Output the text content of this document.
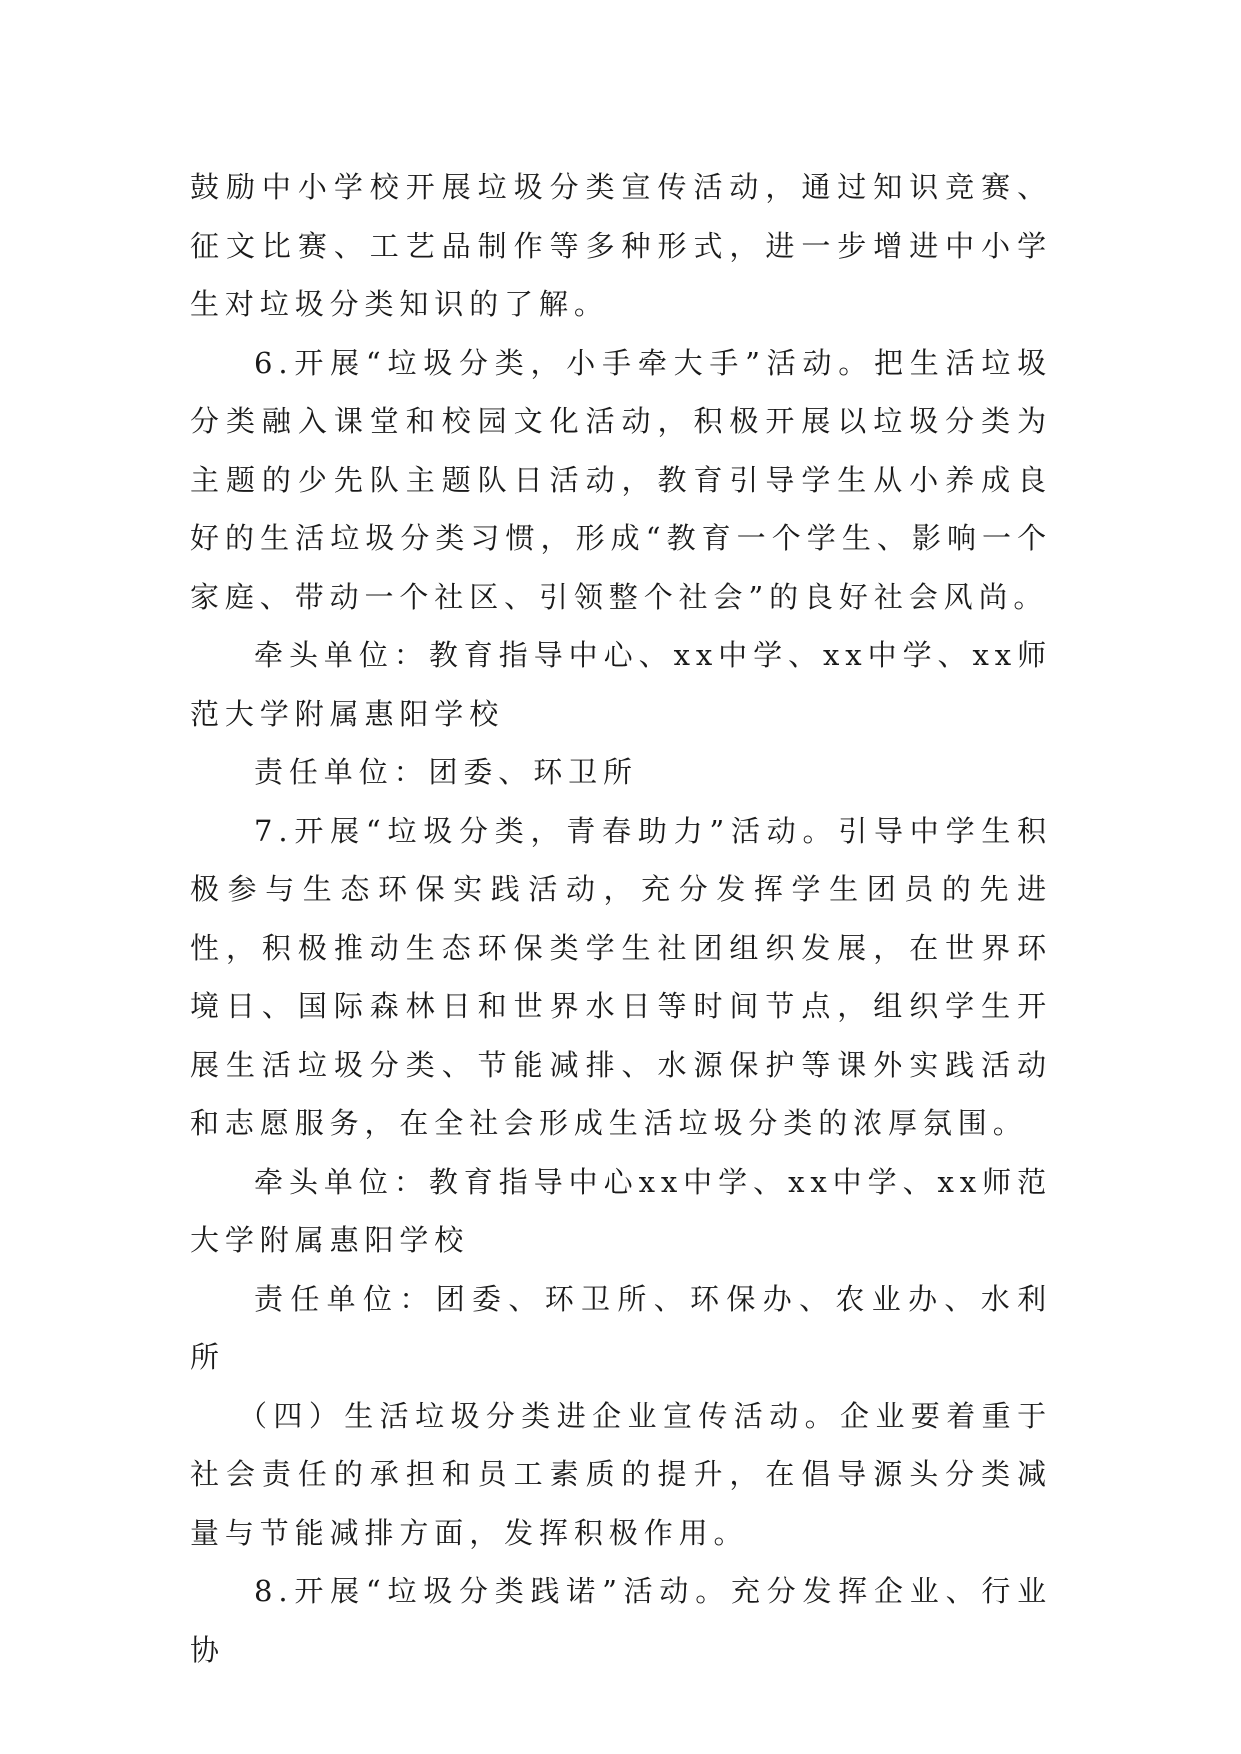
鼓励中小学校开展垃圾分类宣传活动，通过知识竞赛、征文比赛、工艺品制作等多种形式，进一步增进中小学生对垃圾分类知识的了解。

6.开展“垃圾分类，小手牵大手”活动。把生活垃圾分类融入课堂和校园文化活动，积极开展以垃圾分类为主题的少先队主题队日活动，教育引导学生从小养成良好的生活垃圾分类习惯，形成“教育一个学生、影响一个家庭、带动一个社区、引领整个社会”的良好社会风尚。

牵头单位：教育指导中心、xx中学、xx中学、xx师范大学附属惠阳学校

责任单位：团委、环卫所

7.开展“垃圾分类，青春助力”活动。引导中学生积极参与生态环保实践活动，充分发挥学生团员的先进性，积极推动生态环保类学生社团组织发展，在世界环境日、国际森林日和世界水日等时间节点，组织学生开展生活垃圾分类、节能减排、水源保护等课外实践活动和志愿服务，在全社会形成生活垃圾分类的浓厚氛围。

牵头单位：教育指导中心xx中学、xx中学、xx师范大学附属惠阳学校

责任单位：团委、环卫所、环保办、农业办、水利所

（四）生活垃圾分类进企业宣传活动。企业要着重于社会责任的承担和员工素质的提升，在倡导源头分类减量与节能减排方面，发挥积极作用。

8.开展“垃圾分类践诺”活动。充分发挥企业、行业协
